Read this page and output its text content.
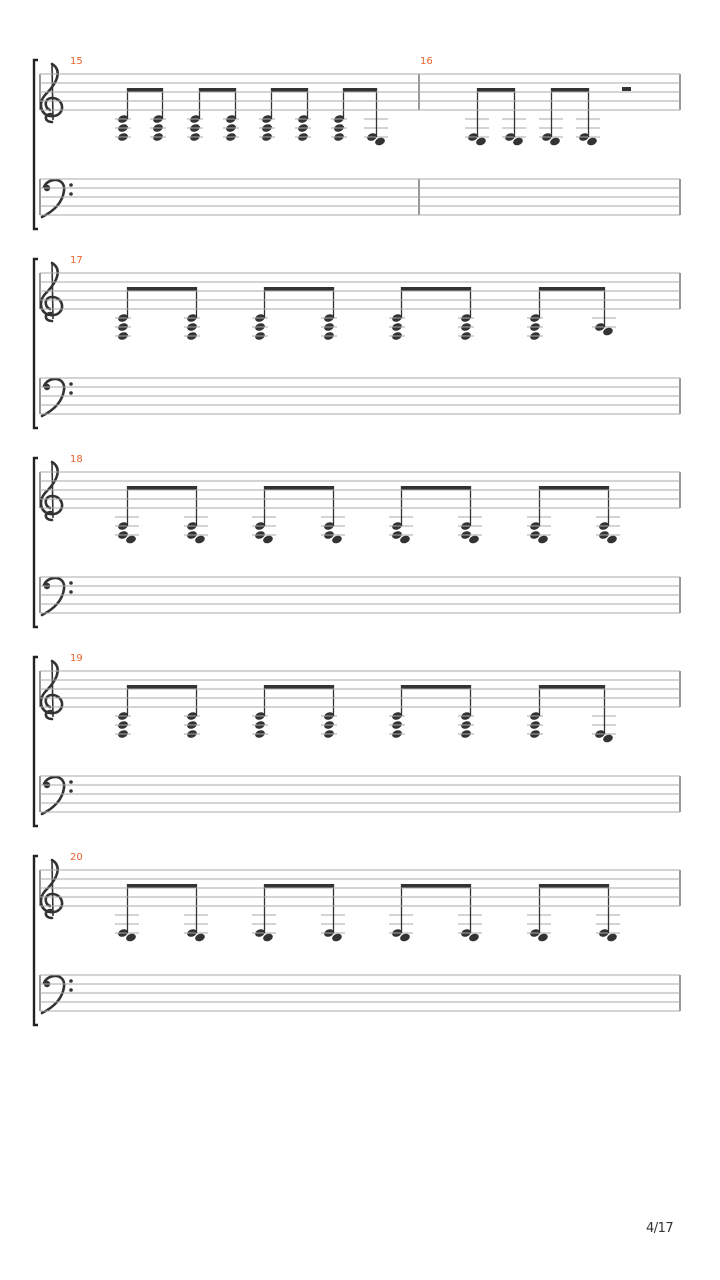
15	16
17
18
19
20
4/17
